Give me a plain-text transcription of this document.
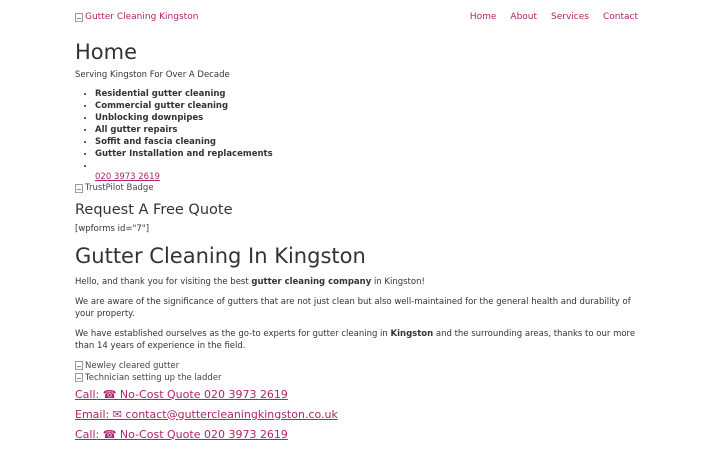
Gutter Cleaning Kingston	Home About Services Contact
Home

Serving Kingston For Over A Decade

• Residential gutter cleaning
• Commercial gutter cleaning
• Unblocking downpipes
• All gutter repairs
• Soffit and fascia cleaning
• Gutter Installation and replacements
•
020 3973 2619
TrustPilot Badge
Request A Free Quote

[wpforms id="7"]

Gutter Cleaning In Kingston

Hello, and thank you for visiting the best gutter cleaning company in Kingston!

We are aware of the significance of gutters that are not just clean but also well-maintained for the general health and durability of your property.

We have established ourselves as the go-to experts for gutter cleaning in Kingston and the surrounding areas, thanks to our more than 14 years of experience in the field.

Newley cleared gutter
Technician setting up the ladder
Call: ☎ No-Cost Quote 020 3973 2619
Email: ✉ contact@guttercleaningkingston.co.uk
Call: ☎ No-Cost Quote 020 3973 2619
